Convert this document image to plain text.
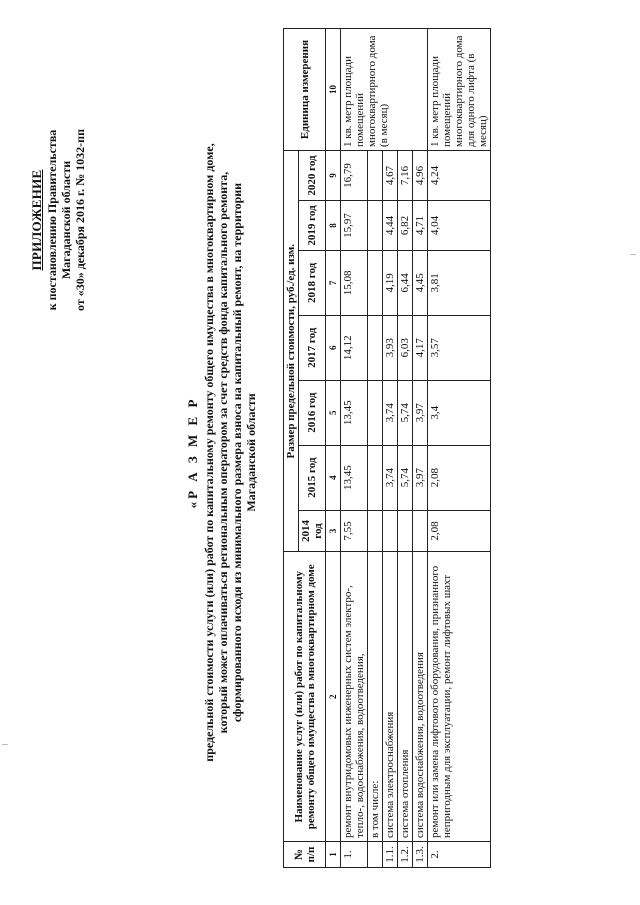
ПРИЛОЖЕНИЕ к постановлению Правительства Магаданской области от «30» декабря 2016 г. № 1032-пп
«Р А З М Е Р предельной стоимости услуги (или) работ по капитальному ремонту общего имущества в многоквартирном доме, который может оплачиваться региональным оператором за счет средств фонда капитального ремонта, сформированного исходя из минимального размера взноса на капитальный ремонт, на территории Магаданской области
№ п/п	Наименование услуг (или) работ по капитальному ремонту общего имущества в многоквартирном доме	Размер предельной стоимости, руб./ед. изм.							Единица измерения
		2014 год	2015 год	2016 год	2017 год	2018 год	2019 год	2020 год	
1	2	3	4	5	6	7	8	9	10
1.	ремонт внутридомовых инженерных систем электро-, тепло-, водоснабжения, водоотведения,	7,55	13,45	13,45	14,12	15,08	15,97	16,79	1 кв. метр площади помещений многоквартирного дома (в месяц)
	в том числе:								
1.1.	система электроснабжения		3,74	3,74	3,93	4,19	4,44	4,67	
1.2.	система отопления		5,74	5,74	6,03	6,44	6,82	7,16	
1.3.	система водоснабжения, водоотведения		3,97	3,97	4,17	4,45	4,71	4,96	
2.	ремонт или замена лифтового оборудования, признанного непригодным для эксплуатации, ремонт лифтовых шахт	2,08	2,08	3,4	3,57	3,81	4,04	4,24	1 кв. метр площади помещений многоквартирного дома для одного лифта (в месяц)
